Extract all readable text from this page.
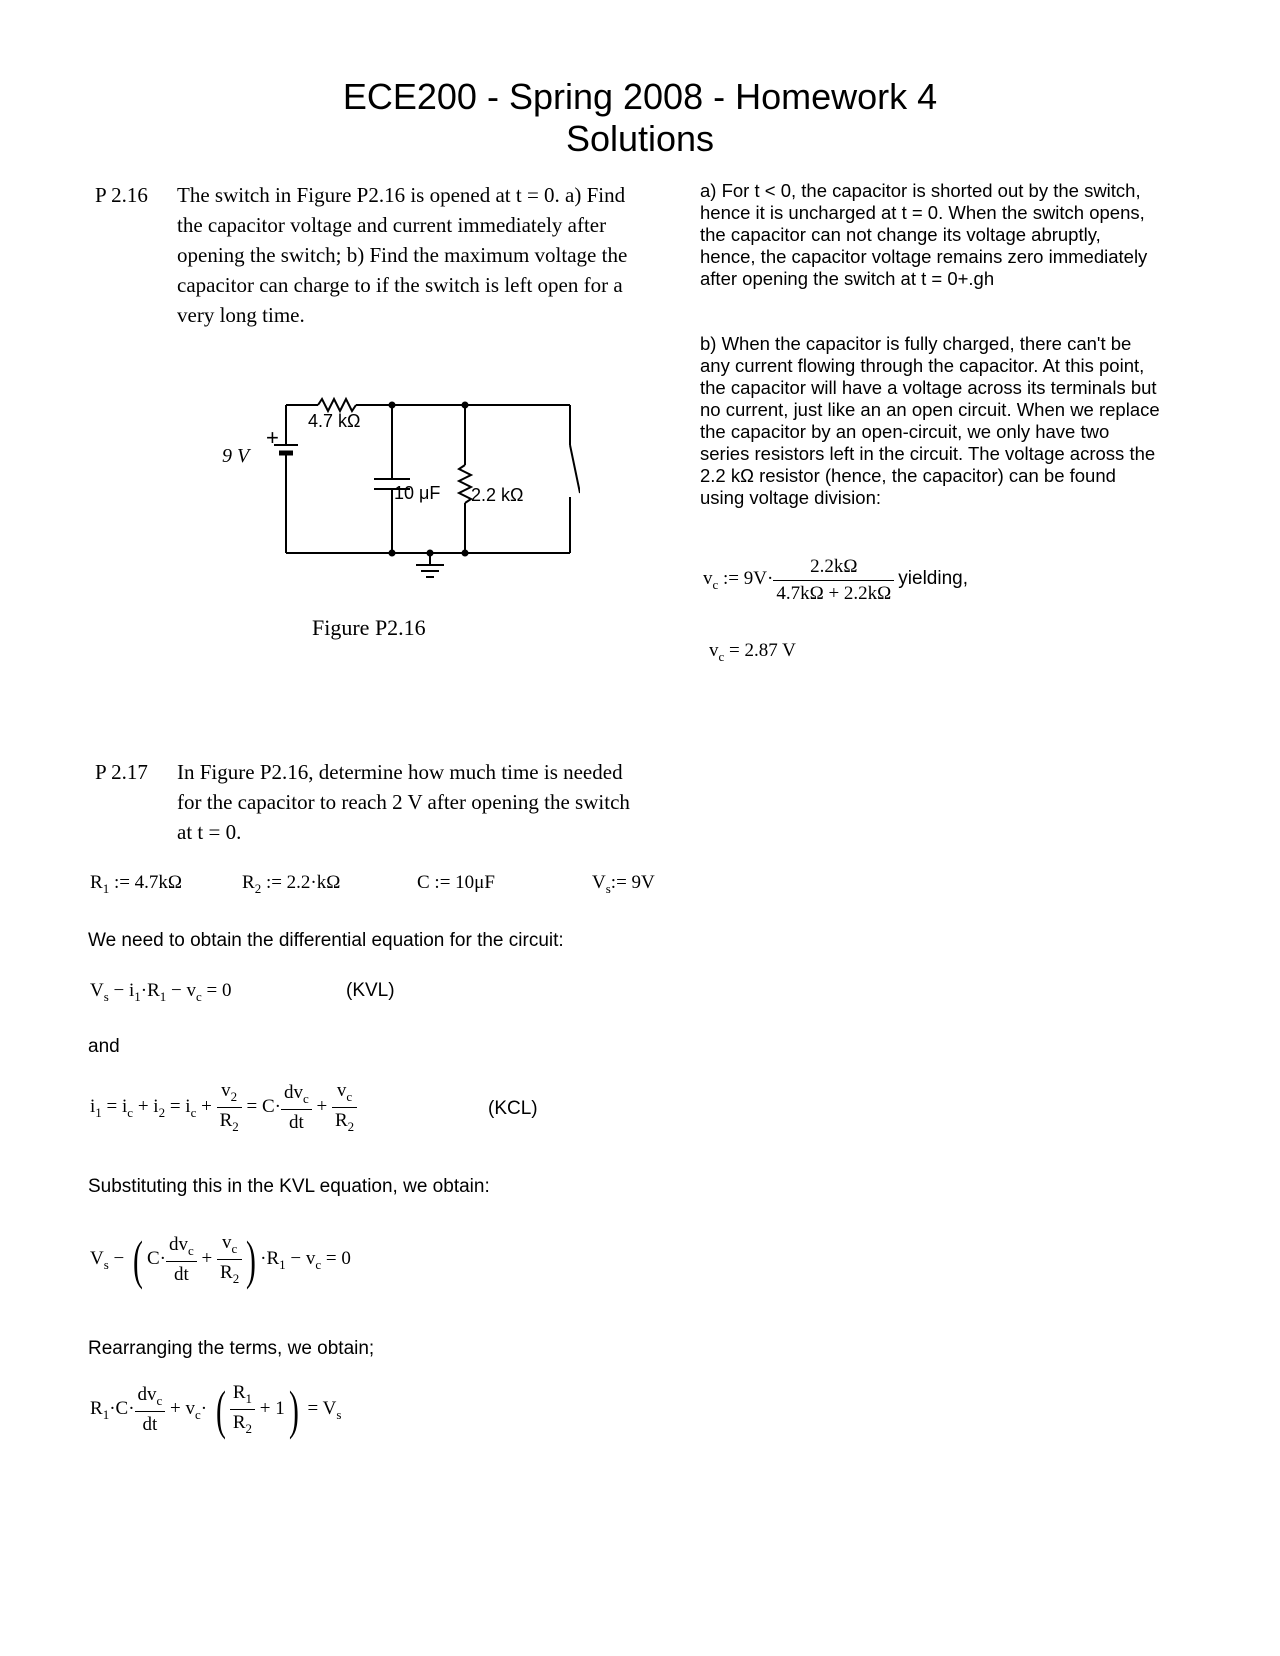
ECE200 - Spring 2008 - Homework 4
Solutions
P 2.16 The switch in Figure P2.16 is opened at t = 0. a) Find the capacitor voltage and current immediately after opening the switch; b) Find the maximum voltage the capacitor can charge to if the switch is left open for a very long time.
4.7 kΩ
9 V
+
10 μF 2.2 kΩ
Figure P2.16
a) For t < 0, the capacitor is shorted out by the switch, hence it is uncharged at t = 0. When the switch opens, the capacitor can not change its voltage abruptly, hence, the capacitor voltage remains zero immediately after opening the switch at t = 0+.gh
b) When the capacitor is fully charged, there can't be any current flowing through the capacitor. At this point, the capacitor will have a voltage across its terminals but no current, just like an an open circuit. When we replace the capacitor by an open-circuit, we only have two series resistors left in the circuit. The voltage across the 2.2 kΩ resistor (hence, the capacitor) can be found using voltage division:
$v_c$ := $9V\cdot \frac{2.2k\Omega}{4.7k\Omega + 2.2k\Omega}$ yielding,
$v_c = 2.87$ V
P 2.17 In Figure P2.16, determine how much time is needed for the capacitor to reach 2 V after opening the switch at t = 0.
$R_1$ := 4.7kΩ	$R_2$ := 2.2·kΩ	C := 10μF	$V_s:= 9V$
We need to obtain the differential equation for the circuit:
$V_s - i_1\cdot R_1 - v_c = 0$	(KVL)
and
$i_1 = i_c + i_2 = i_c + \frac{v_2}{R_2} = C\cdot \frac{dv_c}{dt} + \frac{v_c}{R_2}$	(KCL)
Substituting this in the KVL equation, we obtain:
$V_s$ − ( $C\cdot \frac{dv_c}{dt} + \frac{v_c}{R_2}$ ) $\cdot R_1 - v_c = 0$
Rearranging the terms, we obtain;
$R_1\cdot C\cdot \frac{dv_c}{dt} + v_c\cdot$ ( $\frac{R_1}{R_2} + 1) = V_s$
